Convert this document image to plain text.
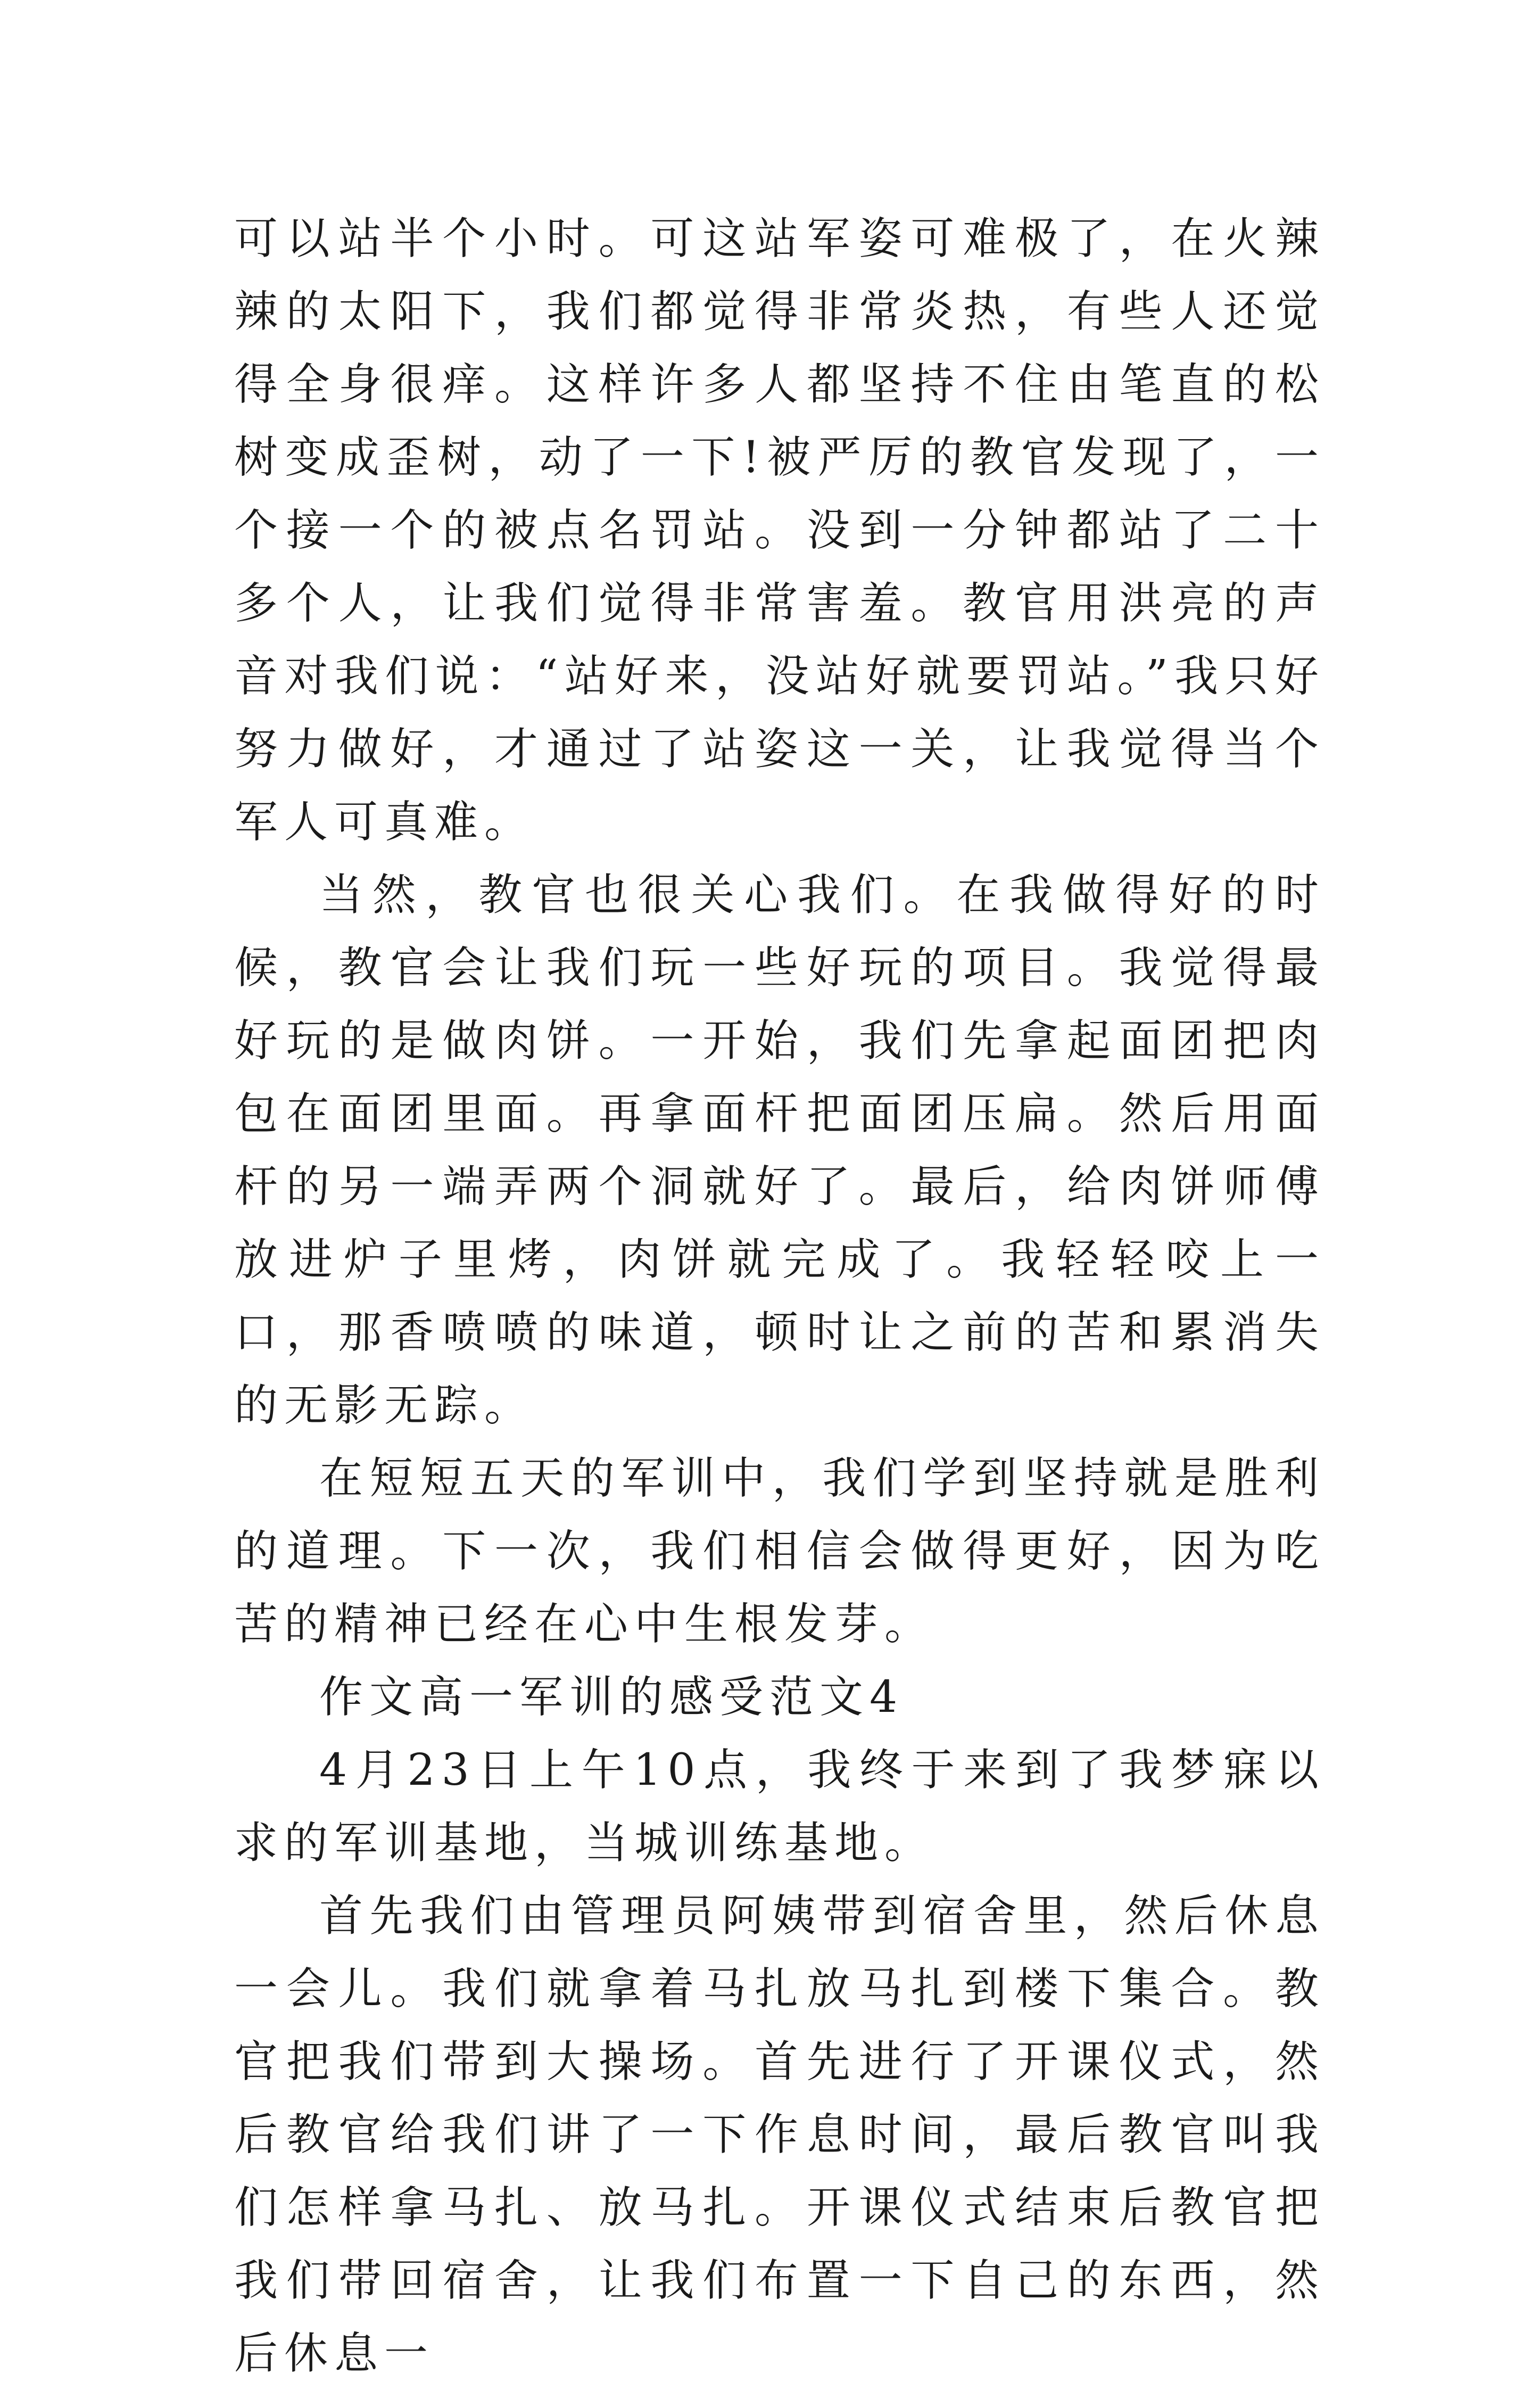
可以站半个小时。可这站军姿可难极了，在火辣辣的太阳下，我们都觉得非常炎热，有些人还觉得全身很痒。这样许多人都坚持不住由笔直的松树变成歪树，动了一下!被严厉的教官发现了，一个接一个的被点名罚站。没到一分钟都站了二十多个人，让我们觉得非常害羞。教官用洪亮的声音对我们说：“站好来，没站好就要罚站。”我只好努力做好，才通过了站姿这一关，让我觉得当个军人可真难。

当然，教官也很关心我们。在我做得好的时候，教官会让我们玩一些好玩的项目。我觉得最好玩的是做肉饼。一开始，我们先拿起面团把肉包在面团里面。再拿面杆把面团压扁。然后用面杆的另一端弄两个洞就好了。最后，给肉饼师傅放进炉子里烤，肉饼就完成了。我轻轻咬上一口，那香喷喷的味道，顿时让之前的苦和累消失的无影无踪。

在短短五天的军训中，我们学到坚持就是胜利的道理。下一次，我们相信会做得更好，因为吃苦的精神已经在心中生根发芽。

作文高一军训的感受范文4

4月23日上午10点，我终于来到了我梦寐以求的军训基地，当城训练基地。

首先我们由管理员阿姨带到宿舍里，然后休息一会儿。我们就拿着马扎放马扎到楼下集合。教官把我们带到大操场。首先进行了开课仪式，然后教官给我们讲了一下作息时间，最后教官叫我们怎样拿马扎、放马扎。开课仪式结束后教官把我们带回宿舍，让我们布置一下自己的东西，然后休息一
